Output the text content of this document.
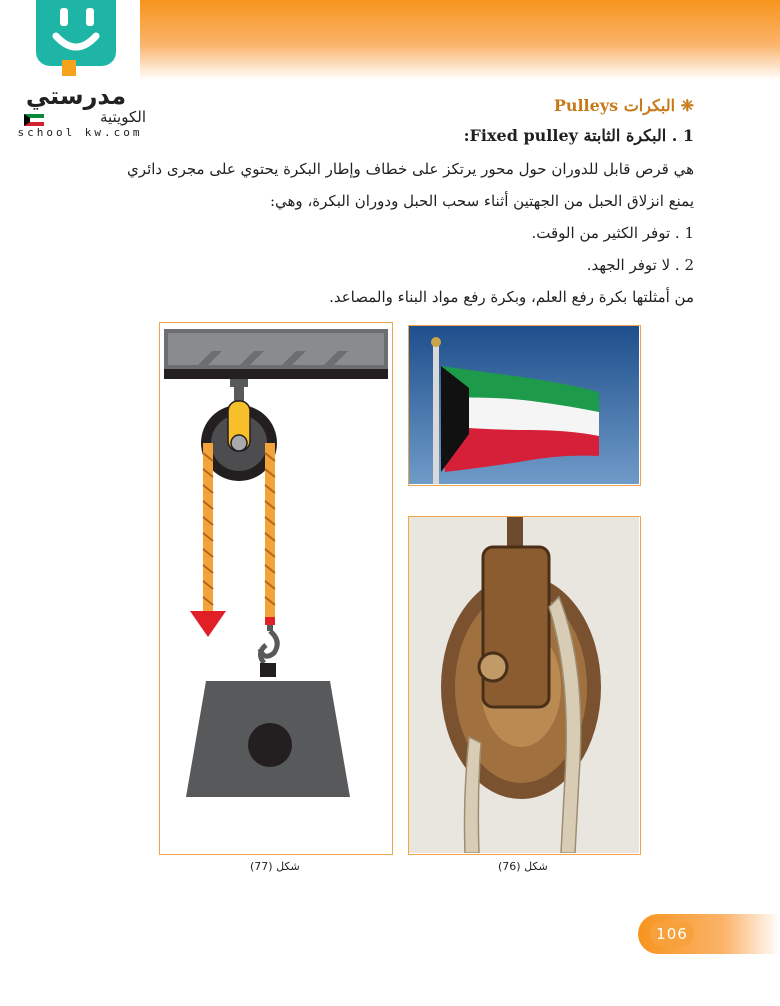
مدرستي
الكويتية
school kw.com
❈ البكرات Pulleys
1 . البكرة الثابتة Fixed pulley:
هي قرص قابل للدوران حول محور يرتكز على خطاف وإطار البكرة يحتوي على مجرى دائري
يمنع انزلاق الحبل من الجهتين أثناء سحب الحبل ودوران البكرة، وهي:
1 . توفر الكثير من الوقت.
2 . لا توفر الجهد.
من أمثلتها بكرة رفع العلم، وبكرة رفع مواد البناء والمصاعد.
شكل (77)	شكل (76)
106
